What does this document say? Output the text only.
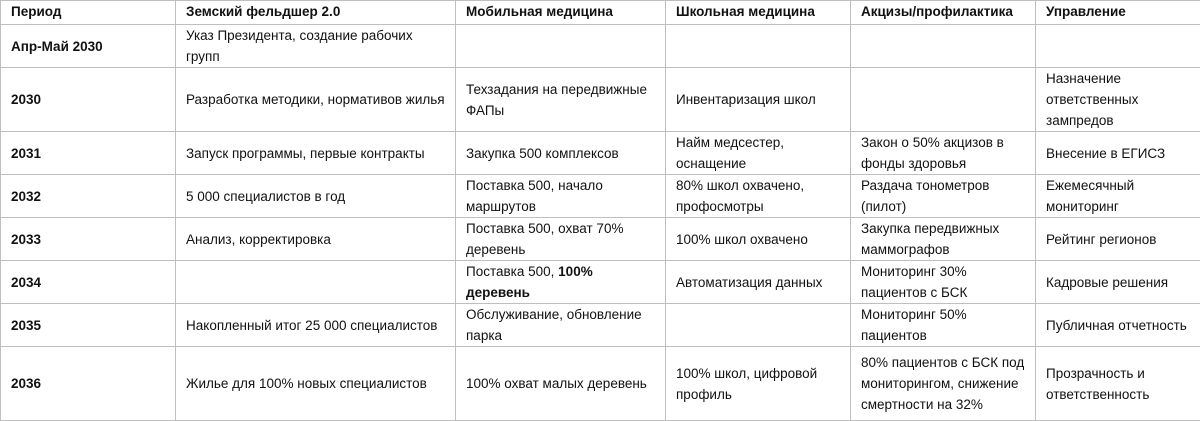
Период	Земский фельдшер 2.0	Мобильная медицина	Школьная медицина	Акцизы/профилактика	Управление
Апр-Май 2030	Указ Президента, создание рабочих групп				
2030	Разработка методики, нормативов жилья	Техзадания на передвижные ФАПы	Инвентаризация школ		Назначение ответственных зампредов
2031	Запуск программы, первые контракты	Закупка 500 комплексов	Найм медсестер, оснащение	Закон о 50% акцизов в фонды здоровья	Внесение в ЕГИСЗ
2032	5 000 специалистов в год	Поставка 500, начало маршрутов	80% школ охвачено, профосмотры	Раздача тонометров (пилот)	Ежемесячный мониторинг
2033	Анализ, корректировка	Поставка 500, охват 70% деревень	100% школ охвачено	Закупка передвижных маммографов	Рейтинг регионов
2034		Поставка 500, 100% деревень	Автоматизация данных	Мониторинг 30% пациентов с БСК	Кадровые решения
2035	Накопленный итог 25 000 специалистов	Обслуживание, обновление парка		Мониторинг 50% пациентов	Публичная отчетность
2036	Жилье для 100% новых специалистов	100% охват малых деревень	100% школ, цифровой профиль	80% пациентов с БСК под мониторингом, снижение смертности на 32%	Прозрачность и ответственность
